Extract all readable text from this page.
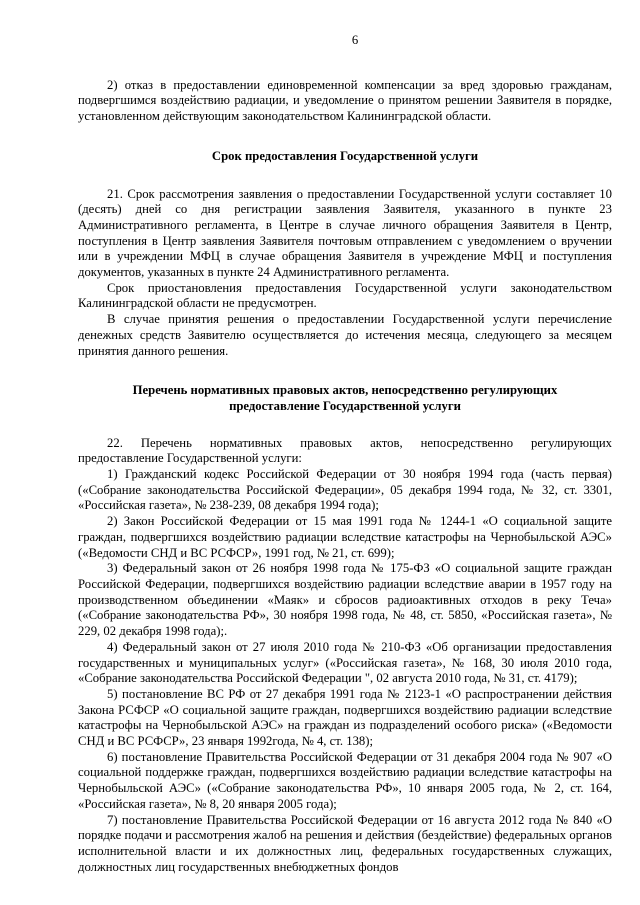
6

2) отказ в предоставлении единовременной компенсации за вред здоровью гражданам, подвергшимся воздействию радиации, и уведомление о принятом решении Заявителя в порядке, установленном действующим законодательством Калининградской области.

Срок предоставления Государственной услуги

21. Срок рассмотрения заявления о предоставлении Государственной услуги составляет 10 (десять) дней со дня регистрации заявления Заявителя, указанного в пункте 23 Административного регламента, в Центре в случае личного обращения Заявителя в Центр, поступления в Центр заявления Заявителя почтовым отправлением с уведомлением о вручении или в учреждении МФЦ в случае обращения Заявителя в учреждение МФЦ и поступления документов, указанных в пункте 24 Административного регламента.

Срок приостановления предоставления Государственной услуги законодательством Калининградской области не предусмотрен.

В случае принятия решения о предоставлении Государственной услуги перечисление денежных средств Заявителю осуществляется до истечения месяца, следующего за месяцем принятия данного решения.

Перечень нормативных правовых актов, непосредственно регулирующих
предоставление Государственной услуги

22. Перечень нормативных правовых актов, непосредственно регулирующих предоставление Государственной услуги:

1) Гражданский кодекс Российской Федерации от 30 ноября 1994 года (часть первая) («Собрание законодательства Российской Федерации», 05 декабря 1994 года, № 32, ст. 3301, «Российская газета», № 238-239, 08 декабря 1994 года);

2) Закон Российской Федерации от 15 мая 1991 года № 1244-1 «О социальной защите граждан, подвергшихся воздействию радиации вследствие катастрофы на Чернобыльской АЭС» («Ведомости СНД и ВС РСФСР», 1991 год, № 21, ст. 699);

3) Федеральный закон от 26 ноября 1998 года № 175-ФЗ «О социальной защите граждан Российской Федерации, подвергшихся воздействию радиации вследствие аварии в 1957 году на производственном объединении «Маяк» и сбросов радиоактивных отходов в реку Теча» («Собрание законодательства РФ», 30 ноября 1998 года, № 48, ст. 5850, «Российская газета», № 229, 02 декабря 1998 года);.

4) Федеральный закон от 27 июля 2010 года № 210-ФЗ «Об организации предоставления государственных и муниципальных услуг» («Российская газета», № 168, 30 июля 2010 года, «Собрание законодательства Российской Федерации ", 02 августа 2010 года, № 31, ст. 4179);

5) постановление ВС РФ от 27 декабря 1991 года № 2123-1 «О распространении действия Закона РСФСР «О социальной защите граждан, подвергшихся воздействию радиации вследствие катастрофы на Чернобыльской АЭС» на граждан из подразделений особого риска» («Ведомости СНД и ВС РСФСР», 23 января 1992года, № 4, ст. 138);

6) постановление Правительства Российской Федерации от 31 декабря 2004 года № 907 «О социальной поддержке граждан, подвергшихся воздействию радиации вследствие катастрофы на Чернобыльской АЭС» («Собрание законодательства РФ», 10 января 2005 года, № 2, ст. 164, «Российская газета», № 8, 20 января 2005 года);

7) постановление Правительства Российской Федерации от 16 августа 2012 года № 840 «О порядке подачи и рассмотрения жалоб на решения и действия (бездействие) федеральных органов исполнительной власти и их должностных лиц, федеральных государственных служащих, должностных лиц государственных внебюджетных фондов
